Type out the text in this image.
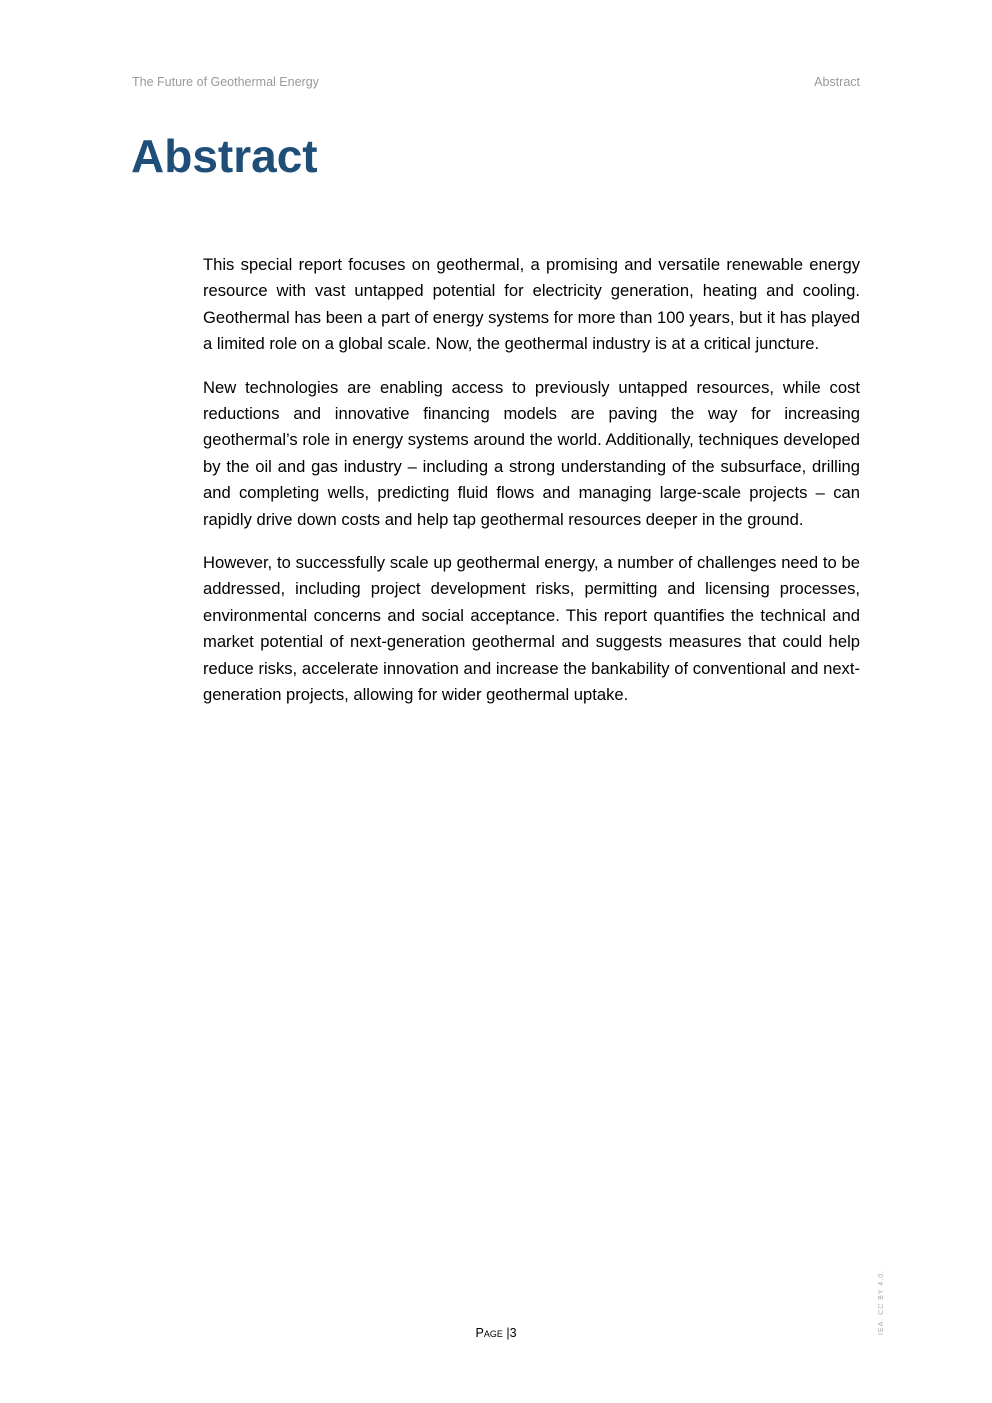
The Future of Geothermal Energy	Abstract
Abstract

This special report focuses on geothermal, a promising and versatile renewable energy resource with vast untapped potential for electricity generation, heating and cooling. Geothermal has been a part of energy systems for more than 100 years, but it has played a limited role on a global scale. Now, the geothermal industry is at a critical juncture.

New technologies are enabling access to previously untapped resources, while cost reductions and innovative financing models are paving the way for increasing geothermal’s role in energy systems around the world. Additionally, techniques developed by the oil and gas industry – including a strong understanding of the subsurface, drilling and completing wells, predicting fluid flows and managing large-scale projects – can rapidly drive down costs and help tap geothermal resources deeper in the ground.

However, to successfully scale up geothermal energy, a number of challenges need to be addressed, including project development risks, permitting and licensing processes, environmental concerns and social acceptance. This report quantifies the technical and market potential of next-generation geothermal and suggests measures that could help reduce risks, accelerate innovation and increase the bankability of conventional and next-generation projects, allowing for wider geothermal uptake.

Page |3	IEA. CC BY 4.0.
